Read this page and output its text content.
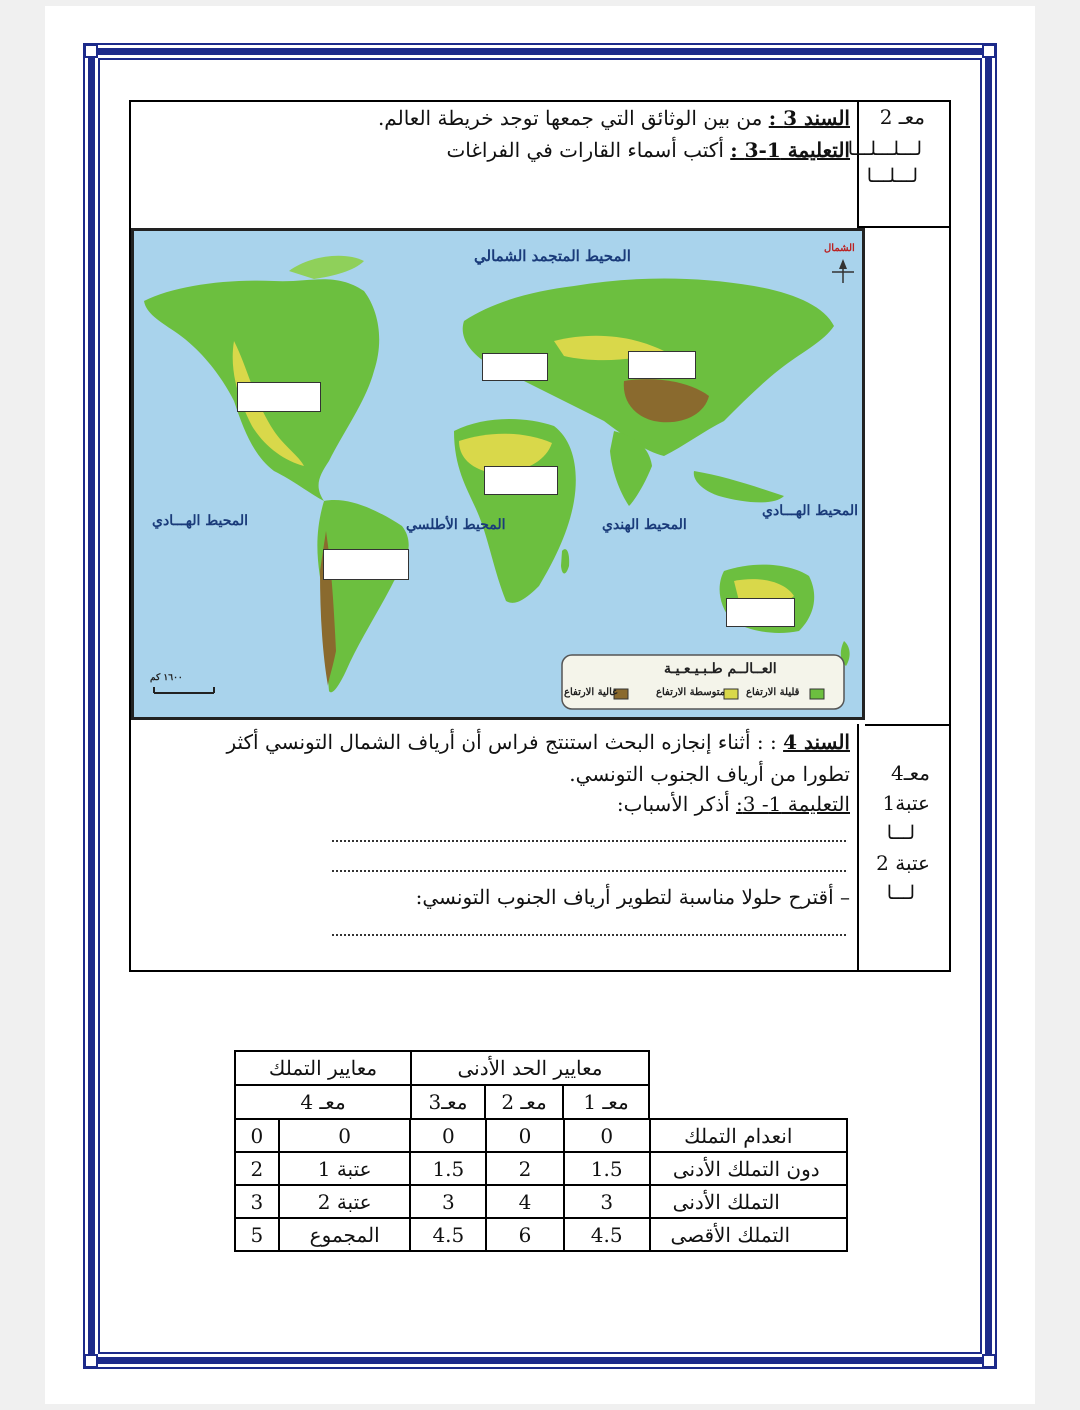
السند 3 : من بين الوثائق التي جمعها توجد خريطة العالم.
التعليمة 1-3 : أكتب أسماء القارات في الفراغات
معـ 2
لـــلـــلـــا
لـــلـــا
الشمال
المحيط المتجمد الشمالي
المحيط الهـــادي	المحيط الأطلسي	المحيط الهندي
المحيط الهـــادي
العــالــم طـبـيـعـيـة
قليلة الارتفاع
متوسطة الارتفاع
عالية الارتفاع
١٦٠٠ كم
السند 4 : : أثناء إنجازه البحث استنتج فراس أن أرياف الشمال التونسي أكثر
تطورا من أرياف الجنوب التونسي.
التعليمة 1- 3: أذكر الأسباب:
– أقترح حلولا مناسبة لتطوير أرياف الجنوب التونسي:
معـ4
عتبة1
لـــا
عتبة 2
لـــا
معايير التملك	معايير الحد الأدنى
معـ 4	معـ3	معـ 2	معـ 1
0	0	0	0	0	انعدام التملك
2	عتبة 1	1.5	2	1.5	دون التملك الأدنى
3	عتبة 2	3	4	3	التملك الأدنى
5	المجموع	4.5	6	4.5	التملك الأقصى
